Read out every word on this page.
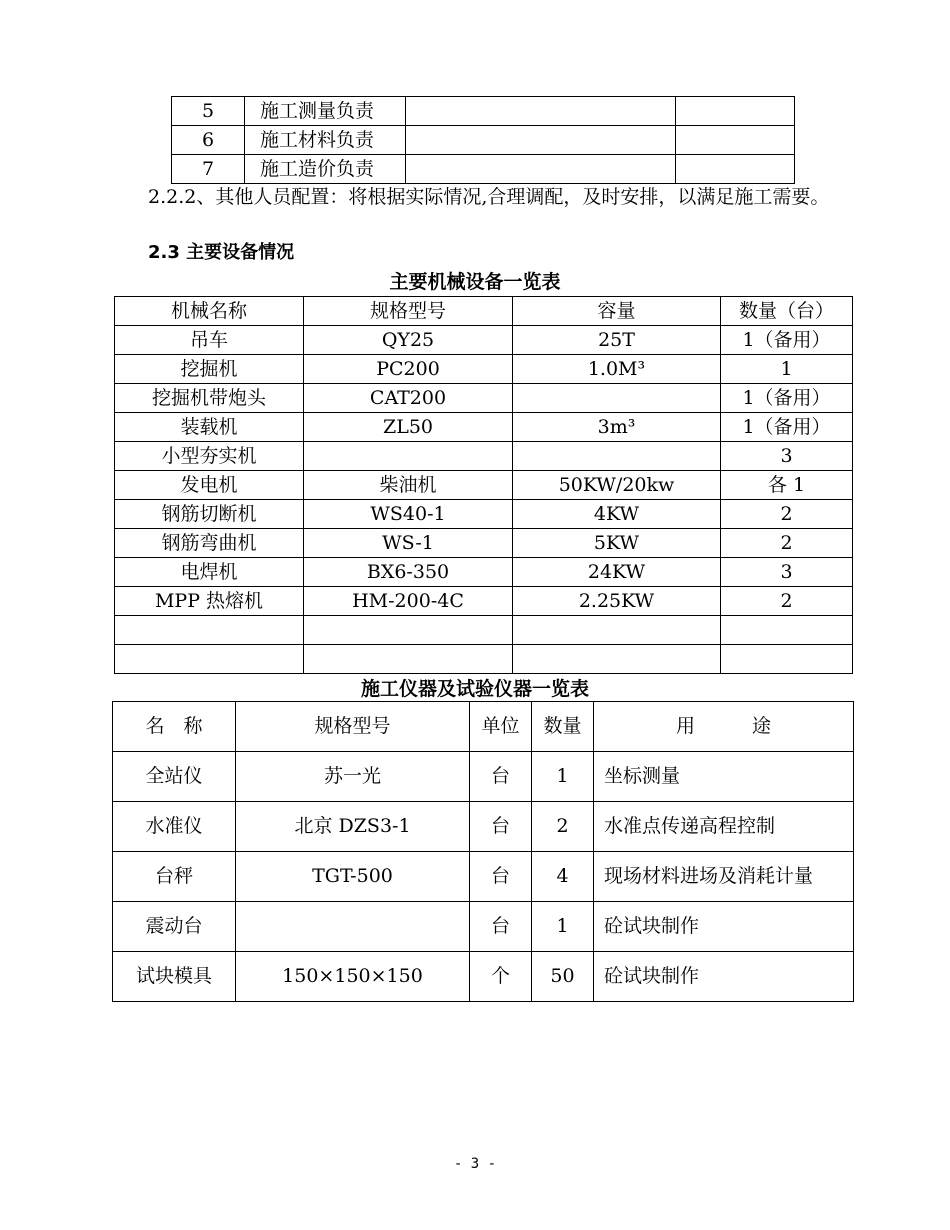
5	施工测量负责		
6	施工材料负责		
7	施工造价负责		
2.2.2、其他人员配置：将根据实际情况,合理调配，及时安排，以满足施工需要。
2.3 主要设备情况
主要机械设备一览表
机械名称	规格型号	容量	数量（台）
吊车	QY25	25T	1（备用）
挖掘机	PC200	1.0M³	1
挖掘机带炮头	CAT200		1（备用）
装载机	ZL50	3m³	1（备用）
小型夯实机			3
发电机	柴油机	50KW/20kw	各 1
钢筋切断机	WS40-1	4KW	2
钢筋弯曲机	WS-1	5KW	2
电焊机	BX6-350	24KW	3
MPP 热熔机	HM-200-4C	2.25KW	2

施工仪器及试验仪器一览表
名　称	规格型号	单位	数量	用　　　途
全站仪	苏一光	台	1	坐标测量
水准仪	北京 DZS3-1	台	2	水准点传递高程控制
台秤	TGT-500	台	4	现场材料进场及消耗计量
震动台		台	1	砼试块制作
试块模具	150×150×150	个	50	砼试块制作
- 3 -
